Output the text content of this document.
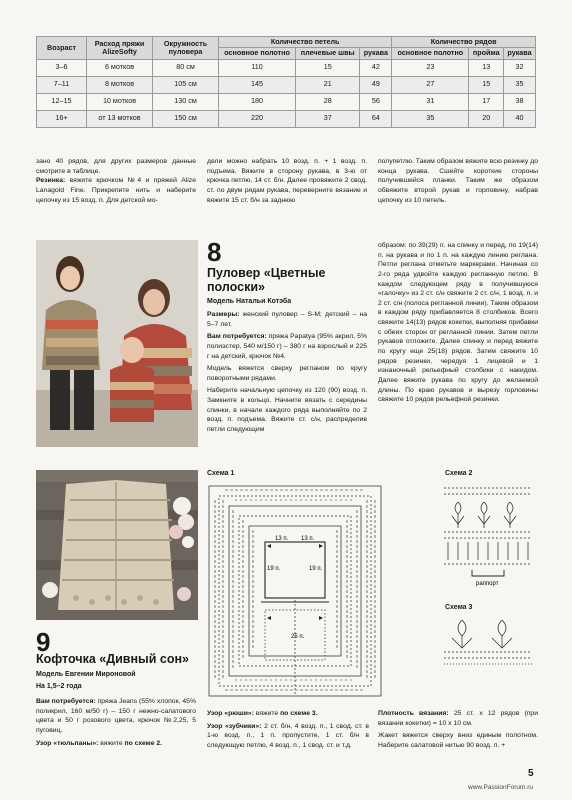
Возраст	Расход пряжи AlizeSofty	Окружность пуловера	Количество петель			Количество рядов		
			основное полотно	плечевые швы	рукава	основное полотно	пройма	рукава
3–6	6 мотков	80 см	110	15	42	23	13	32
7–11	8 мотков	105 см	145	21	49	27	15	35
12–15	10 мотков	130 см	180	28	56	31	17	38
16+	от 13 мотков	150 см	220	37	64	35	20	40
зано 40 рядов, для других размеров данные смотрите в таблице.
Резинка: вяжите крючком №4 и пряжей Alize Lanagold Fine. Прикрепите нить и наберите цепочку из 15 возд. п. Для детской мо-
дели можно набрать 10 возд. п. + 1 возд. п. подъема. Вяжите в сторону рукава, в 3-ю от крючка петлю, 14 ст. б/н. Далее провяжите 2 свод. ст. по двум рядам рукава, переверните вязание и вяжите 15 ст. б/н за заднюю
полупетлю. Таким образом вяжите всю резинку до конца рукава. Сшейте короткие стороны получившейся планки. Таким же образом обвяжите второй рукав и горловину, набрав цепочку из 10 петель.
8
Пуловер «Цветные полоски»
Модель Натальи Котэба
Размеры: женский пуловер – S-M; детский – на 5–7 лет.
Вам потребуется: пряжа Papatya (95% акрил, 5% полиэстер, 540 м/150 г) – 380 г на взрослый и 225 г на детский, крючок №4.
Модель вяжется сверху регланом по кругу поворотными рядами.
Наберите начальную цепочку из 120 (90) возд. п. Замкните в кольцо. Начните вязать с середины спинки, в начале каждого ряда выполняйте по 2 возд. п. подъема. Вяжите ст. с/н, распределив петли следующим
образом: по 39(29) п. на спинку и перед, по 19(14) п. на рукава и по 1 п. на каждую линию реглана. Петли реглана отметьте маркерами. Начиная со 2-го ряда удвойте каждую регланную петлю. В каждом следующем ряду в получившуюся «галочку» из 2 ст. с/н свяжите 2 ст. с/н, 1 возд. п. и 2 ст. с/н (полоса регланной линии). Таким образом в каждом ряду прибавляется 8 столбиков. Всего свяжите 14(13) рядов кокетки, выполняя прибавки с обеих сторон от регланной линии. Затем петли рукавов отложите. Далее спинку и перед вяжите по кругу еще 25(18) рядов. Затем свяжите 10 рядов резинки, чередуя 1 лицевой и 1 изнаночный рельефный столбики с накидом. Далее вяжите рукава по кругу до желаемой длины. По краю рукавов и вырезу горловины свяжите 10 рядов рельефной резинки.
9
Кофточка «Дивный сон»
Модель Евгении Мироновой
На 1,5–2 года
Вам потребуется: пряжа Jeans (55% хлопок, 45% поликрил, 160 м/50 г) – 150 г нежно-салатового цвета и 50 г розового цвета, крючок №2,25, 5 пуговиц.
Узор «тюльпаны»: вяжите по схеме 2.
Узор «рюши»: вяжите по схеме 3.
Узор «зубчики»: 2 ст. б/н, 4 возд. п., 1 свод. ст. в 1-ю возд. п., 1 п. пропустите, 1 ст. б/н в следующую петлю, 4 возд. п., 1 свод. ст. и т.д.
Плотность вязания: 25 ст. х 12 рядов (при вязании кокетки) = 10 х 10 см.
Жакет вяжется сверху вниз единым полотном. Наберите салатовой нитью 90 возд. п. +
Схема 1
13 п. 13 п.
19 п.	19 п.
25 п.
Схема 2
раппорт
Схема 3
5
www.PassionForum.ru
